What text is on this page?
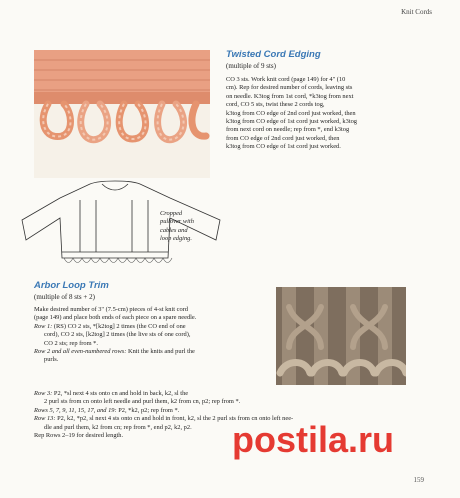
Knit Cords
Twisted Cord Edging
(multiple of 9 sts)

CO 3 sts. Work knit cord (page 149) for 4" (10

cm). Rep for desired number of cords, leaving sts

on needle. K3tog from 1st cord, *k3tog from next

cord, CO 5 sts, twist these 2 cords tog,

k3tog from CO edge of 2nd cord just worked, then

k3tog from CO edge of 1st cord just worked, k3tog

from next cord on needle; rep from *, end k3tog

from CO edge of 2nd cord just worked, then

k3tog from CO edge of 1st cord just worked.

Cropped
pullover with
cables and
loop edging.
Arbor Loop Trim
(multiple of 8 sts + 2)

Make desired number of 3" (7.5-cm) pieces of 4-st knit cord

(page 149) and place both ends of each piece on a spare needle.

Row 1: (RS) CO 2 sts, *[k2tog] 2 times (the CO end of one

cord), CO 2 sts, [k2tog] 2 times (the live sts of one cord),

CO 2 sts; rep from *.

Row 2 and all even-numbered rows: Knit the knits and purl the

purls.

Row 3: P2, *sl next 4 sts onto cn and hold in back, k2, sl the

2 purl sts from cn onto left needle and purl them, k2 from cn, p2; rep from *.

Rows 5, 7, 9, 11, 15, 17, and 19: P2, *k2, p2; rep from *.

Row 13: P2, k2, *p2, sl next 4 sts onto cn and hold in front, k2, sl the 2 purl sts from cn onto left nee-

dle and purl them, k2 from cn; rep from *, end p2, k2, p2.

Rep Rows 2–19 for desired length.	postila.ru
159
